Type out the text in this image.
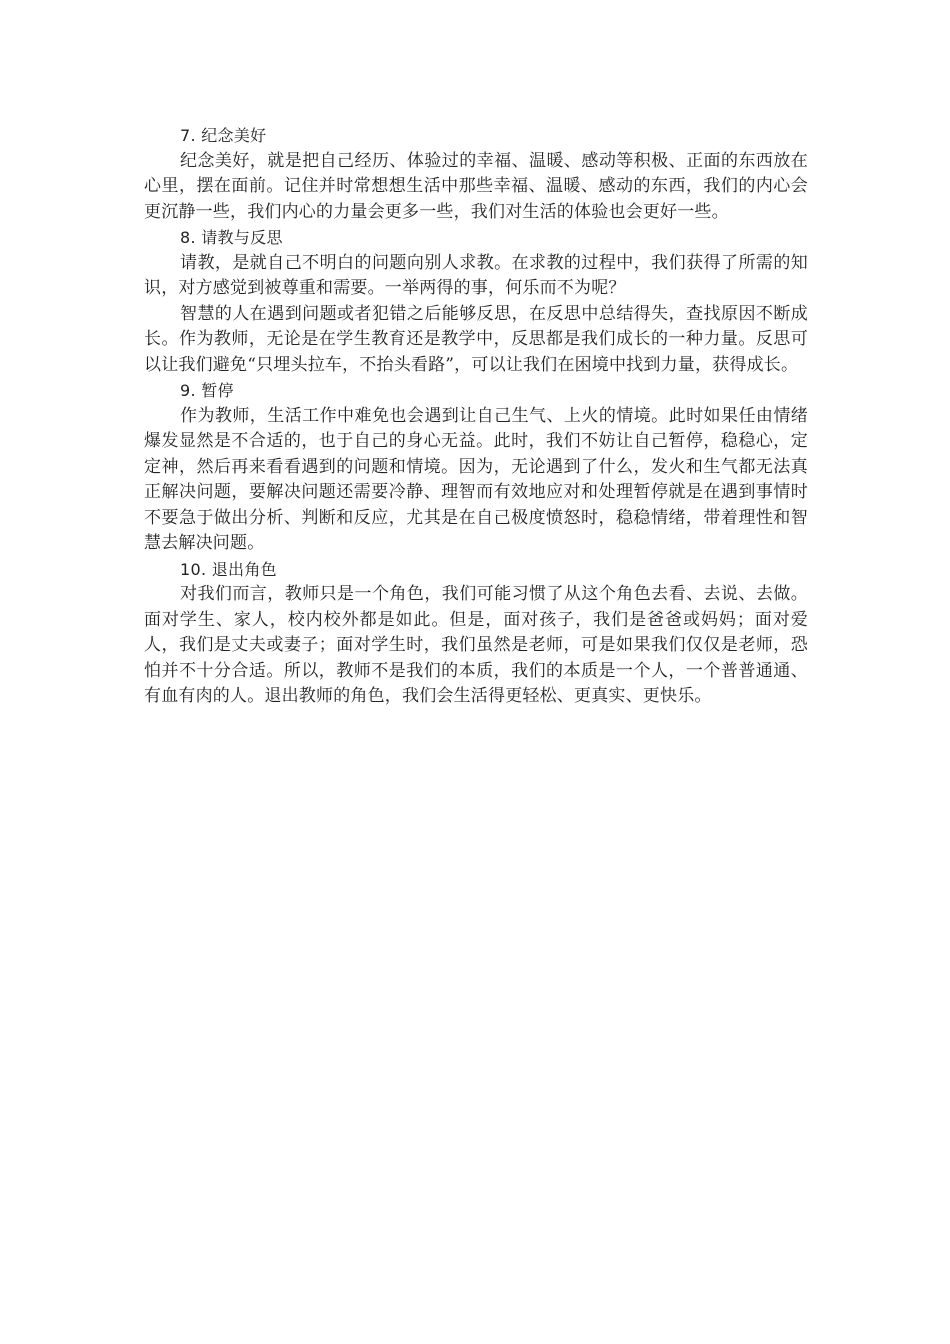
7. 纪念美好

纪念美好，就是把自己经历、体验过的幸福、温暖、感动等积极、正面的东西放在心里，摆在面前。记住并时常想想生活中那些幸福、温暖、感动的东西，我们的内心会更沉静一些，我们内心的力量会更多一些，我们对生活的体验也会更好一些。

8. 请教与反思

请教，是就自己不明白的问题向别人求教。在求教的过程中，我们获得了所需的知识，对方感觉到被尊重和需要。一举两得的事，何乐而不为呢？

智慧的人在遇到问题或者犯错之后能够反思，在反思中总结得失，查找原因不断成长。作为教师，无论是在学生教育还是教学中，反思都是我们成长的一种力量。反思可以让我们避免“只埋头拉车，不抬头看路”，可以让我们在困境中找到力量，获得成长。

9. 暂停

作为教师，生活工作中难免也会遇到让自己生气、上火的情境。此时如果任由情绪爆发显然是不合适的，也于自己的身心无益。此时，我们不妨让自己暂停，稳稳心，定定神，然后再来看看遇到的问题和情境。因为，无论遇到了什么，发火和生气都无法真正解决问题，要解决问题还需要冷静、理智而有效地应对和处理暂停就是在遇到事情时不要急于做出分析、判断和反应，尤其是在自己极度愤怒时，稳稳情绪，带着理性和智慧去解决问题。

10. 退出角色

对我们而言，教师只是一个角色，我们可能习惯了从这个角色去看、去说、去做。面对学生、家人，校内校外都是如此。但是，面对孩子，我们是爸爸或妈妈；面对爱人，我们是丈夫或妻子；面对学生时，我们虽然是老师，可是如果我们仅仅是老师，恐怕并不十分合适。所以，教师不是我们的本质，我们的本质是一个人，一个普普通通、有血有肉的人。退出教师的角色，我们会生活得更轻松、更真实、更快乐。
